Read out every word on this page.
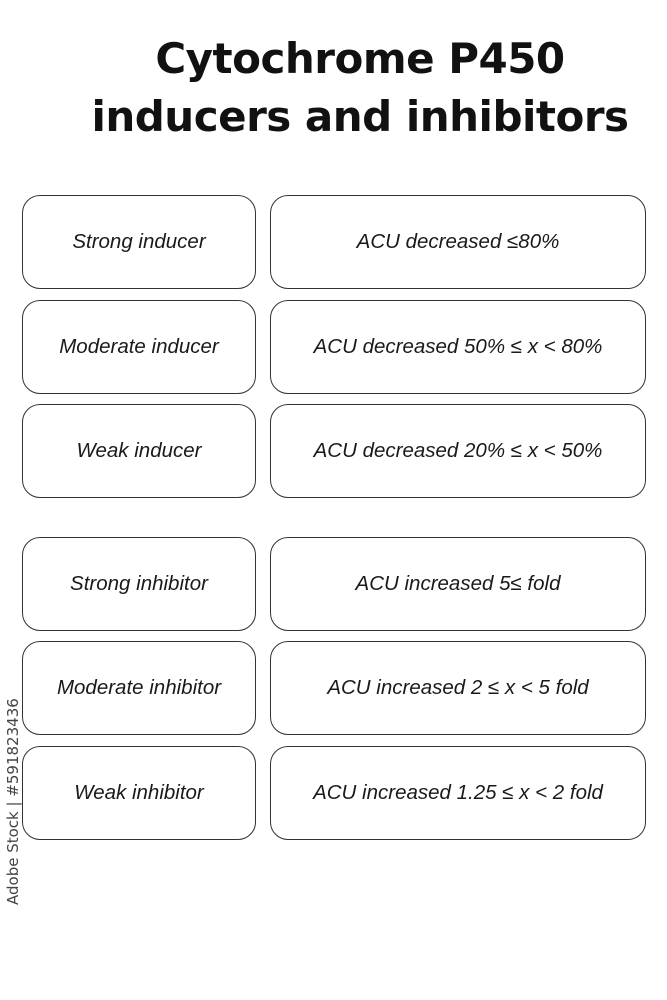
Cytochrome P450
inducers and inhibitors
Strong inducer	ACU decreased ≤80%
Moderate inducer	ACU decreased 50% ≤ x < 80%
Weak inducer	ACU decreased 20% ≤ x < 50%
Strong inhibitor	ACU increased 5≤ fold
Moderate inhibitor	ACU increased 2 ≤ x < 5 fold
Weak inhibitor	ACU increased 1.25 ≤ x < 2 fold
Adobe Stock | #591823436
